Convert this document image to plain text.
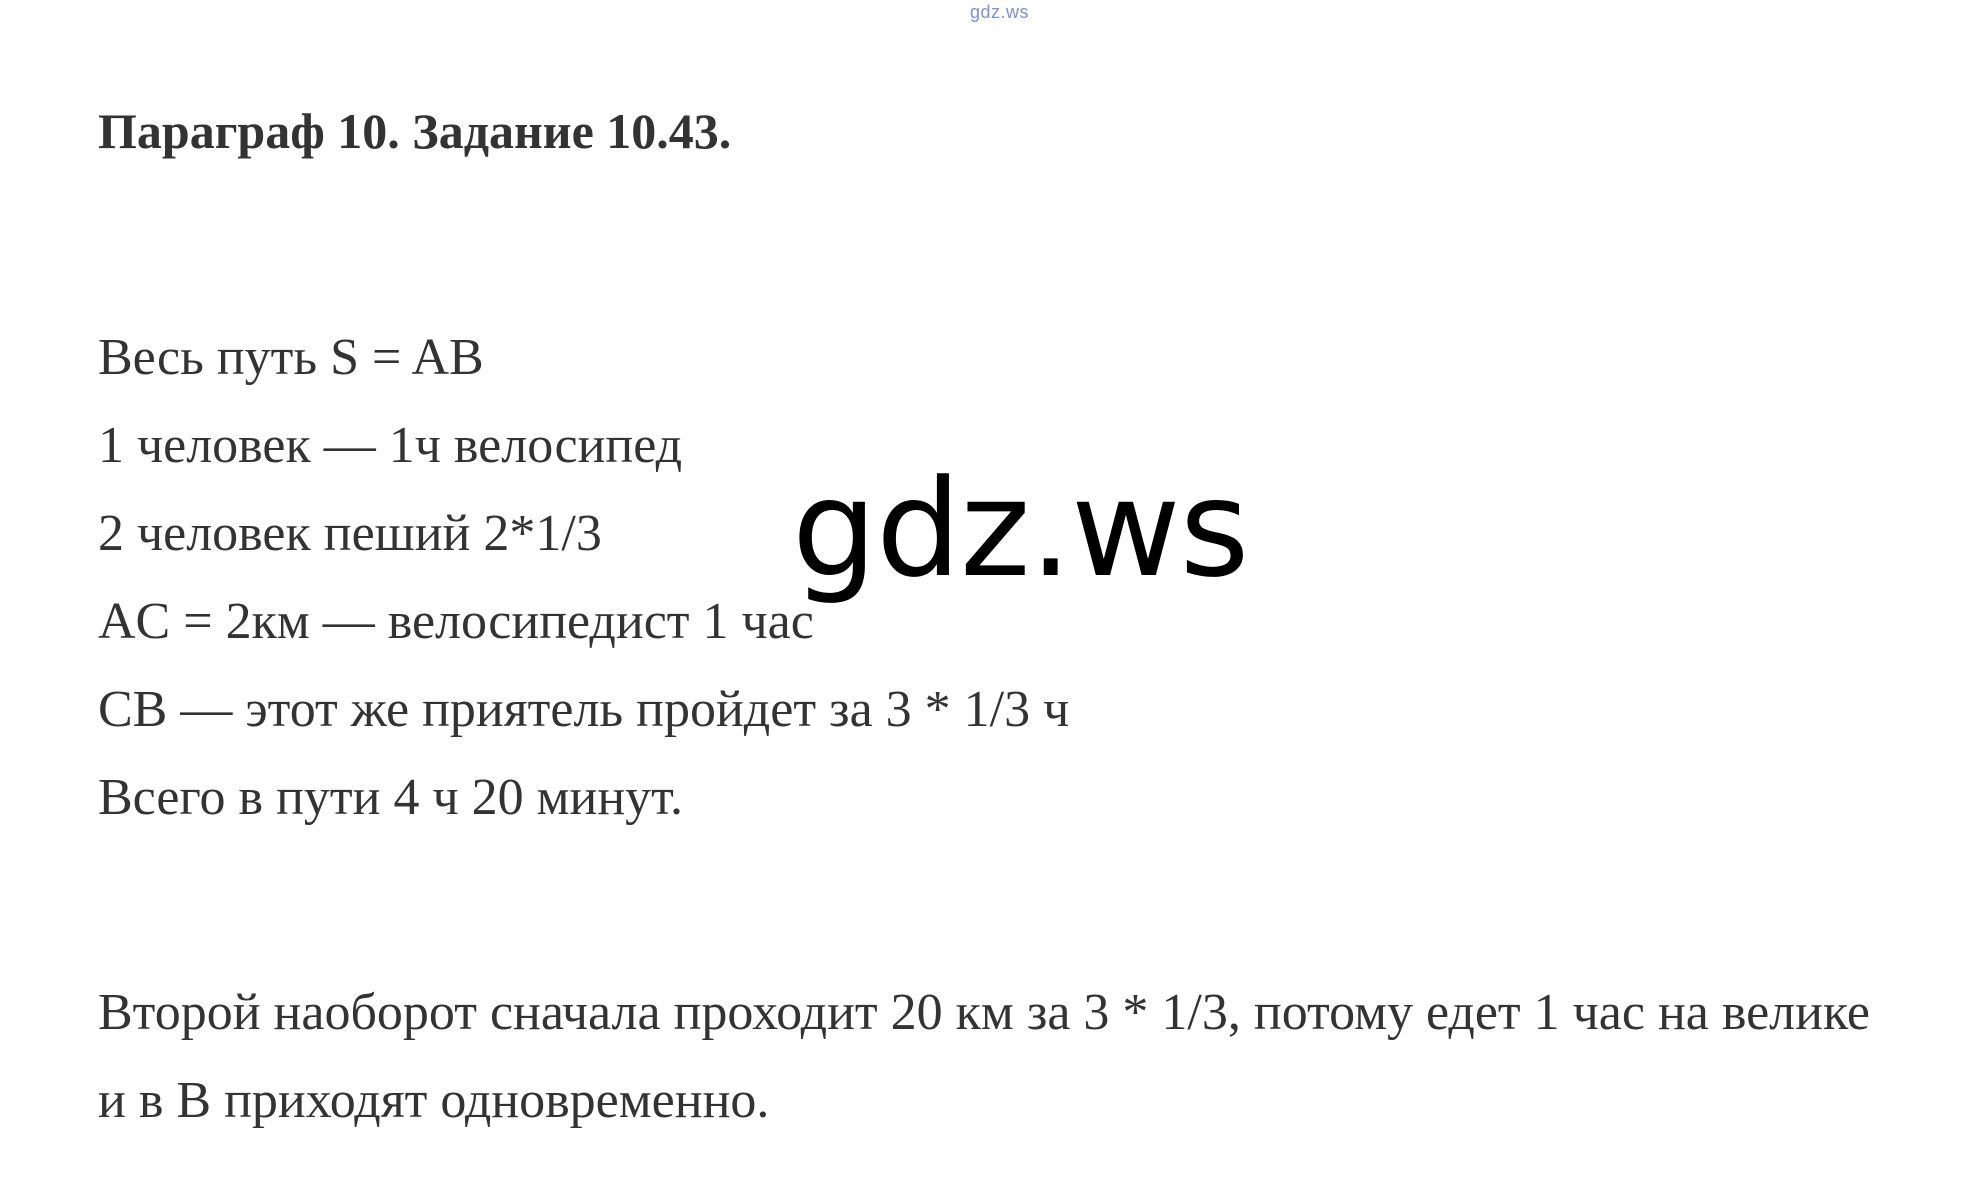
gdz.ws
Параграф 10. Задание 10.43.
Весь путь S = AB
1 человек — 1ч велосипед
2 человек пеший 2*1/3
AC = 2км — велосипедист 1 час
CB — этот же приятель пройдет за 3 * 1/3 ч
Всего в пути 4 ч 20 минут.

Второй наоборот сначала проходит 20 км за 3 * 1/3, потому едет 1 час на велике и в В приходят одновременно.

gdz.ws
